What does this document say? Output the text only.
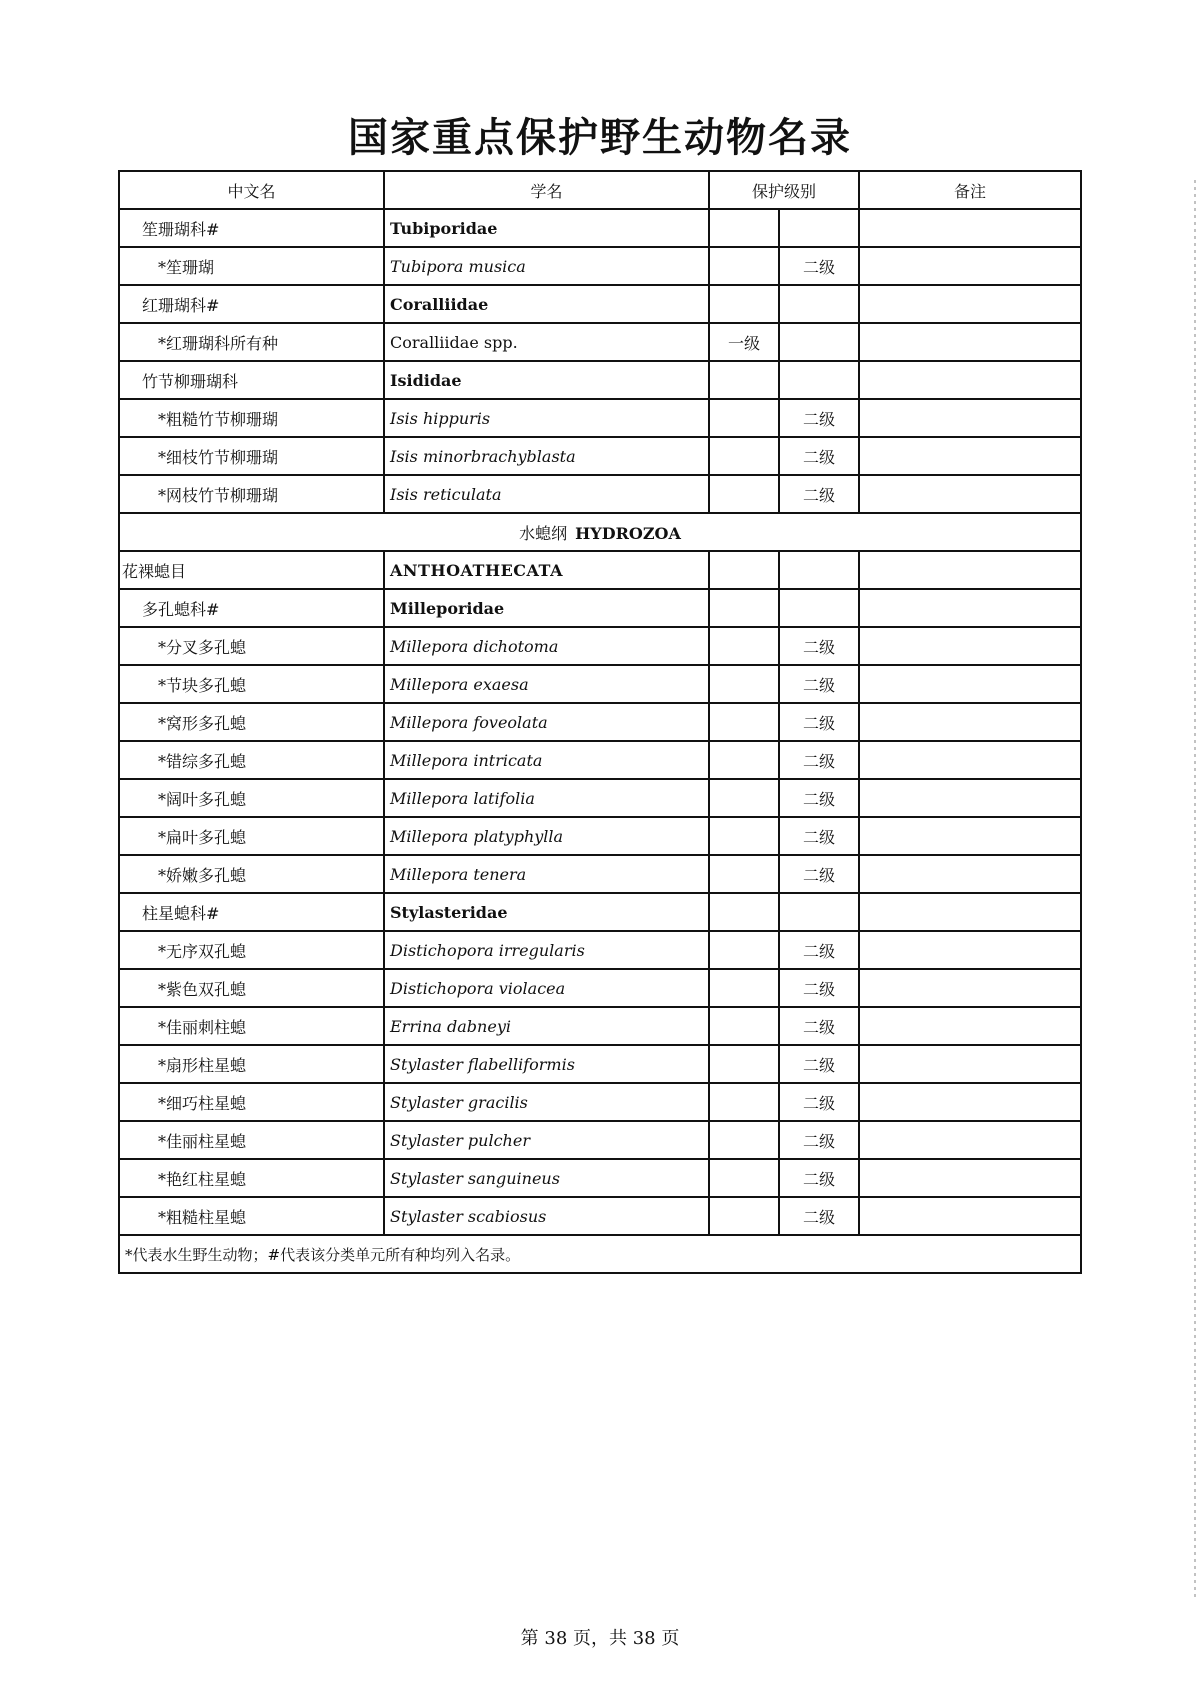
国家重点保护野生动物名录
中文名	学名	保护级别		备注
笙珊瑚科#	Tubiporidae			
*笙珊瑚	Tubipora musica		二级	
红珊瑚科#	Coralliidae			
*红珊瑚科所有种	Coralliidae spp.	一级		
竹节柳珊瑚科	Isididae			
*粗糙竹节柳珊瑚	Isis hippuris		二级	
*细枝竹节柳珊瑚	Isis minorbrachyblasta		二级	
*网枝竹节柳珊瑚	Isis reticulata		二级	
水螅纲 HYDROZOA				
花裸螅目	ANTHOATHECATA			
多孔螅科#	Milleporidae			
*分叉多孔螅	Millepora dichotoma		二级	
*节块多孔螅	Millepora exaesa		二级	
*窝形多孔螅	Millepora foveolata		二级	
*错综多孔螅	Millepora intricata		二级	
*阔叶多孔螅	Millepora latifolia		二级	
*扁叶多孔螅	Millepora platyphylla		二级	
*娇嫩多孔螅	Millepora tenera		二级	
柱星螅科#	Stylasteridae			
*无序双孔螅	Distichopora irregularis		二级	
*紫色双孔螅	Distichopora violacea		二级	
*佳丽刺柱螅	Errina dabneyi		二级	
*扇形柱星螅	Stylaster flabelliformis		二级	
*细巧柱星螅	Stylaster gracilis		二级	
*佳丽柱星螅	Stylaster pulcher		二级	
*艳红柱星螅	Stylaster sanguineus		二级	
*粗糙柱星螅	Stylaster scabiosus		二级	
*代表水生野生动物；#代表该分类单元所有种均列入名录。				
第 38 页，共 38 页
